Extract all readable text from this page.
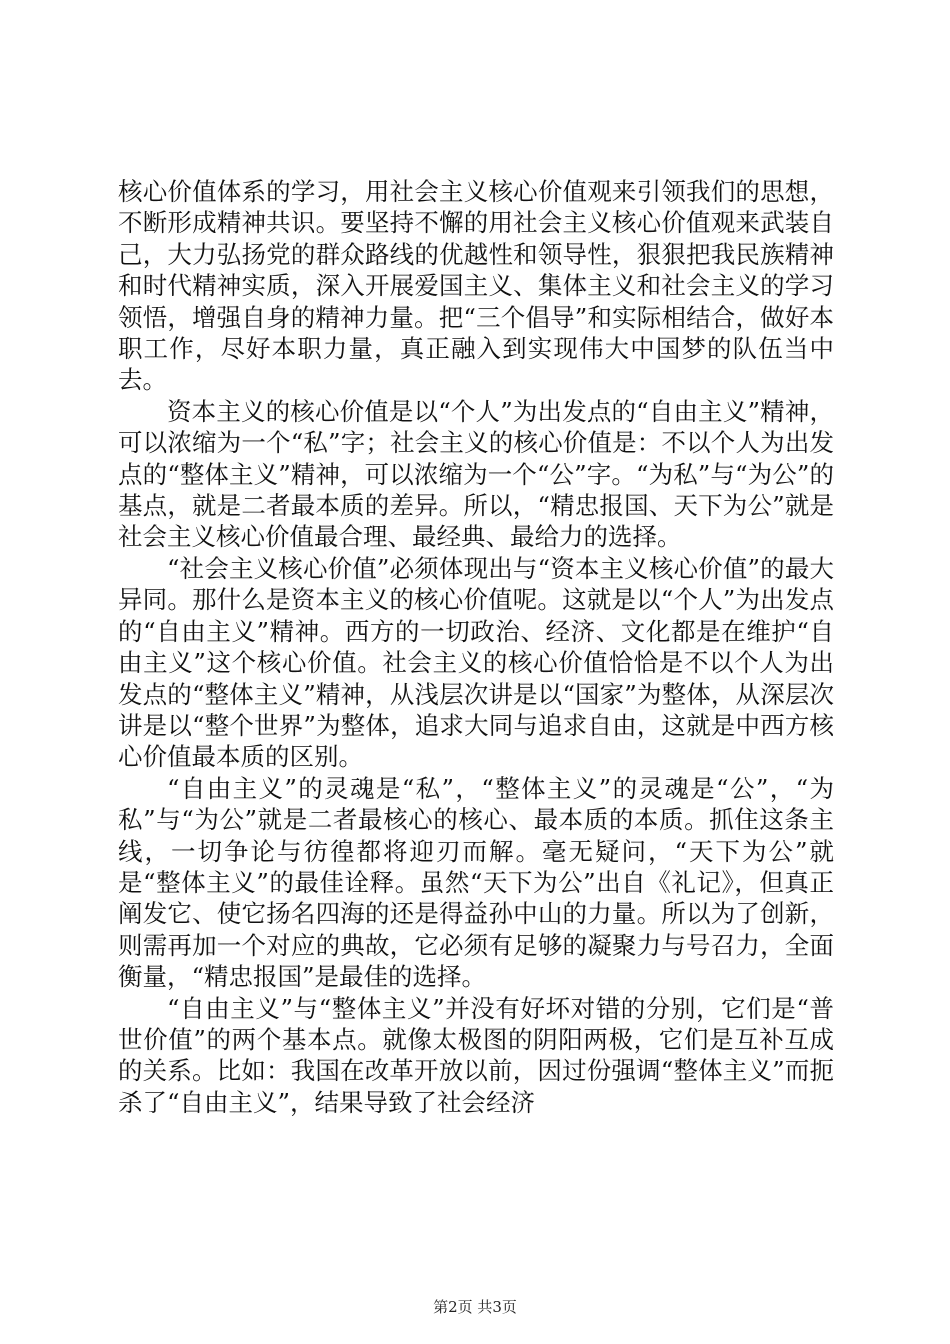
核心价值体系的学习，用社会主义核心价值观来引领我们的思想，不断形成精神共识。要坚持不懈的用社会主义核心价值观来武装自己，大力弘扬党的群众路线的优越性和领导性，狠狠把我民族精神和时代精神实质，深入开展爱国主义、集体主义和社会主义的学习领悟，增强自身的精神力量。把“三个倡导”和实际相结合，做好本职工作，尽好本职力量，真正融入到实现伟大中国梦的队伍当中去。

资本主义的核心价值是以“个人”为出发点的“自由主义”精神，可以浓缩为一个“私”字；社会主义的核心价值是：不以个人为出发点的“整体主义”精神，可以浓缩为一个“公”字。“为私”与“为公”的基点，就是二者最本质的差异。所以，“精忠报国、天下为公”就是社会主义核心价值最合理、最经典、最给力的选择。

“社会主义核心价值”必须体现出与“资本主义核心价值”的最大异同。那什么是资本主义的核心价值呢。这就是以“个人”为出发点的“自由主义”精神。西方的一切政治、经济、文化都是在维护“自由主义”这个核心价值。社会主义的核心价值恰恰是不以个人为出发点的“整体主义”精神，从浅层次讲是以“国家”为整体，从深层次讲是以“整个世界”为整体，追求大同与追求自由，这就是中西方核心价值最本质的区别。

“自由主义”的灵魂是“私”，“整体主义”的灵魂是“公”，“为私”与“为公”就是二者最核心的核心、最本质的本质。抓住这条主线，一切争论与彷徨都将迎刃而解。毫无疑问，“天下为公”就是“整体主义”的最佳诠释。虽然“天下为公”出自《礼记》，但真正阐发它、使它扬名四海的还是得益孙中山的力量。所以为了创新，则需再加一个对应的典故，它必须有足够的凝聚力与号召力，全面衡量，“精忠报国”是最佳的选择。

“自由主义”与“整体主义”并没有好坏对错的分别，它们是“普世价值”的两个基本点。就像太极图的阴阳两极，它们是互补互成的关系。比如：我国在改革开放以前，因过份强调“整体主义”而扼杀了“自由主义”，结果导致了社会经济

第2页 共3页
